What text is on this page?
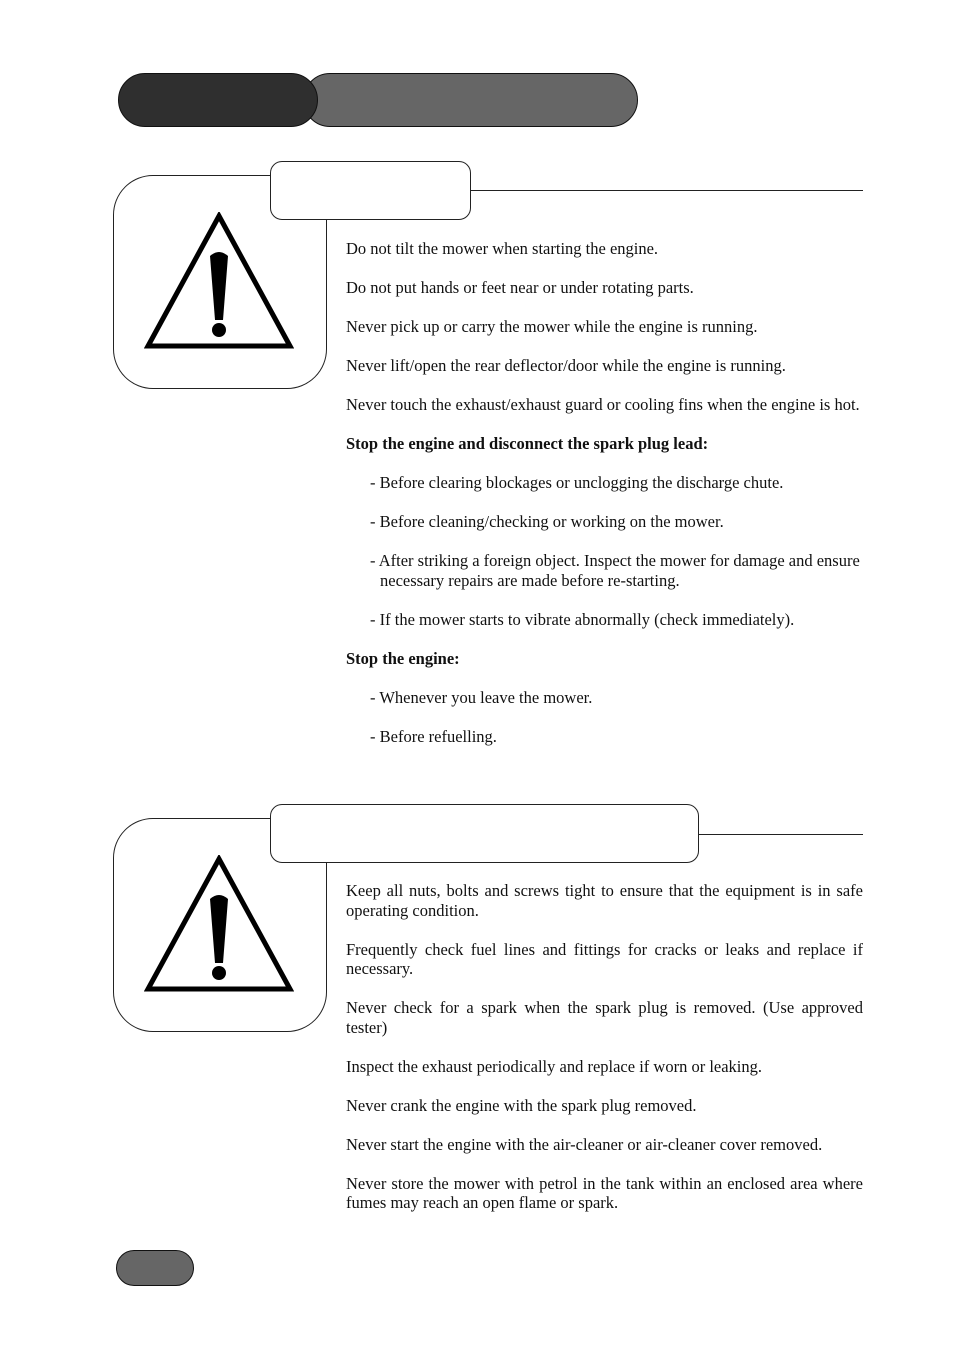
Do not tilt the mower when starting the engine.

Do not put hands or feet near or under rotating parts.

Never pick up or carry the mower while the engine is running.

Never lift/open the rear deflector/door while the engine is running.

Never touch the exhaust/exhaust guard or cooling fins when the engine is hot.

Stop the engine and disconnect the spark plug lead:

- Before clearing blockages or unclogging the discharge chute.

- Before cleaning/checking or working on the mower.

- After striking a foreign object. Inspect the mower for damage and ensure necessary repairs are made before re-starting.

- If the mower starts to vibrate abnormally (check immediately).

Stop the engine:

- Whenever you leave the mower.

- Before refuelling.

Keep all nuts, bolts and screws tight to ensure that the equipment is in safe operating condition.

Frequently check fuel lines and fittings for cracks or leaks and replace if necessary.

Never check for a spark when the spark plug is removed. (Use approved tester)

Inspect the exhaust periodically and replace if worn or leaking.

Never crank the engine with the spark plug removed.

Never start the engine with the air-cleaner or air-cleaner cover removed.

Never store the mower with petrol in the tank within an enclosed area where fumes may reach an open flame or spark.
